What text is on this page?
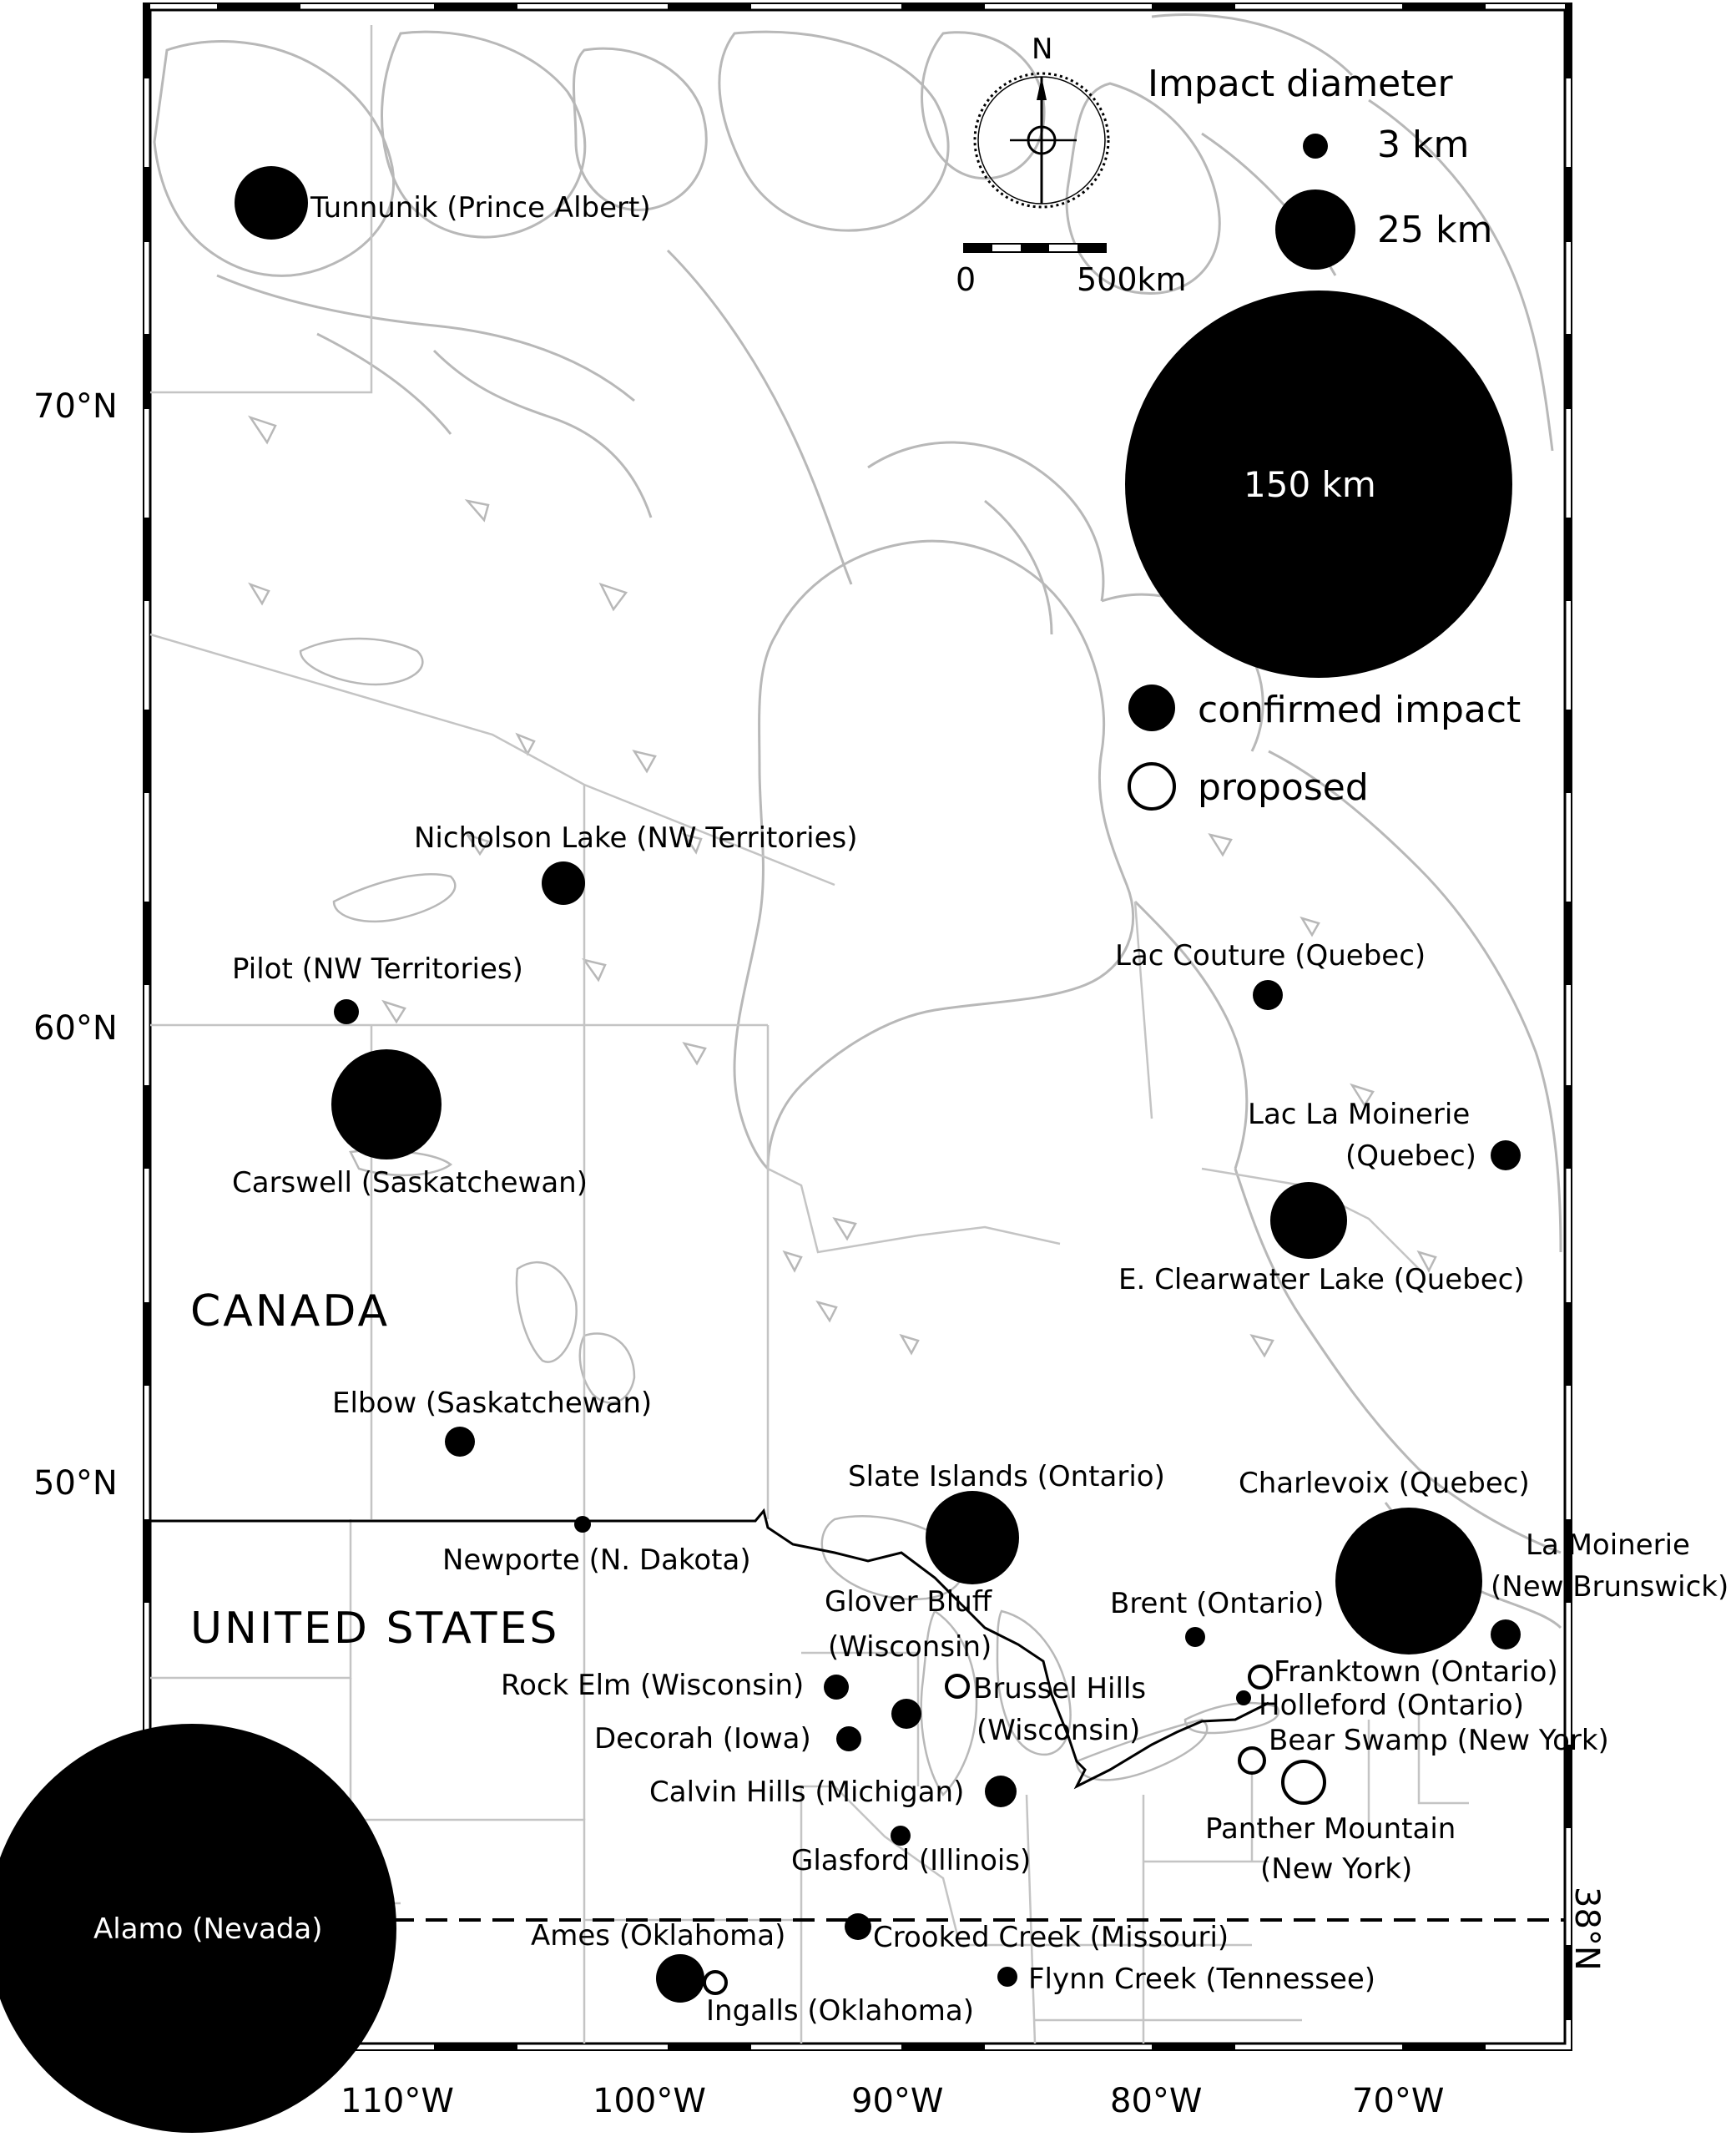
70°N
60°N
50°N
38°N
110°W	100°W	90°W	80°W	70°W
CANADA
UNITED STATES
N
0	500km
Impact diameter
3 km
25 km
150 km
confirmed impact
proposed
Tunnunik (Prince Albert)
Nicholson Lake (NW Territories)
Pilot (NW Territories)
Carswell (Saskatchewan)
Elbow (Saskatchewan)
Newporte (N. Dakota)
Lac Couture (Quebec)
Lac La Moinerie
(Quebec)
E. Clearwater Lake (Quebec)
Slate Islands (Ontario)	Charlevoix (Quebec)
La Moinerie
(New Brunswick)
Glover Bluff
(Wisconsin)
Brent (Ontario)
Rock Elm (Wisconsin)	Brussel Hills
(Wisconsin)
Franktown (Ontario)
Holleford (Ontario)
Decorah (Iowa)	Bear Swamp (New York)
Calvin Hills (Michigan)
Panther Mountain
(New York)
Glasford (Illinois)
Alamo (Nevada)	Ames (Oklahoma)	Crooked Creek (Missouri)
Flynn Creek (Tennessee)
Ingalls (Oklahoma)
